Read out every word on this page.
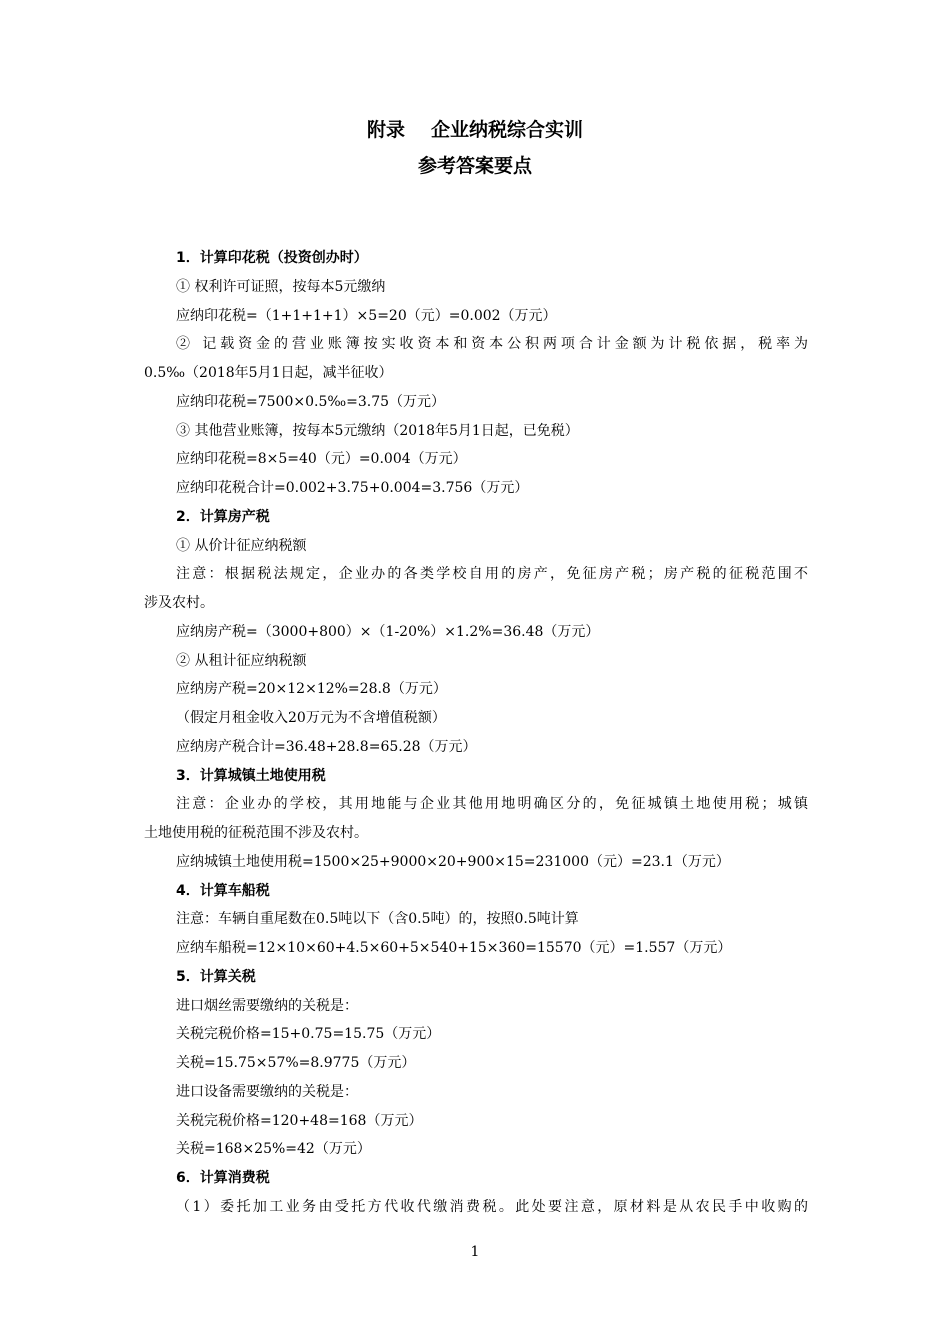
附录 企业纳税综合实训
参考答案要点
1．计算印花税（投资创办时）
① 权利许可证照，按每本5元缴纳
应纳印花税=（1+1+1+1）×5=20（元）=0.002（万元）
② 记载资金的营业账簿按实收资本和资本公积两项合计金额为计税依据，税率为
0.5‰（2018年5月1日起，减半征收）
应纳印花税=7500×0.5‰=3.75（万元）
③ 其他营业账簿，按每本5元缴纳（2018年5月1日起，已免税）
应纳印花税=8×5=40（元）=0.004（万元）
应纳印花税合计=0.002+3.75+0.004=3.756（万元）
2．计算房产税
① 从价计征应纳税额
注意：根据税法规定，企业办的各类学校自用的房产，免征房产税；房产税的征税范围不
涉及农村。
应纳房产税=（3000+800）×（1-20%）×1.2%=36.48（万元）
② 从租计征应纳税额
应纳房产税=20×12×12%=28.8（万元）
（假定月租金收入20万元为不含增值税额）
应纳房产税合计=36.48+28.8=65.28（万元）
3．计算城镇土地使用税
注意：企业办的学校，其用地能与企业其他用地明确区分的，免征城镇土地使用税；城镇
土地使用税的征税范围不涉及农村。
应纳城镇土地使用税=1500×25+9000×20+900×15=231000（元）=23.1（万元）
4．计算车船税
注意：车辆自重尾数在0.5吨以下（含0.5吨）的，按照0.5吨计算
应纳车船税=12×10×60+4.5×60+5×540+15×360=15570（元）=1.557（万元）
5．计算关税
进口烟丝需要缴纳的关税是：
关税完税价格=15+0.75=15.75（万元）
关税=15.75×57%=8.9775（万元）
进口设备需要缴纳的关税是：
关税完税价格=120+48=168（万元）
关税=168×25%=42（万元）
6．计算消费税
（1）委托加工业务由受托方代收代缴消费税。此处要注意，原材料是从农民手中收购的
1
